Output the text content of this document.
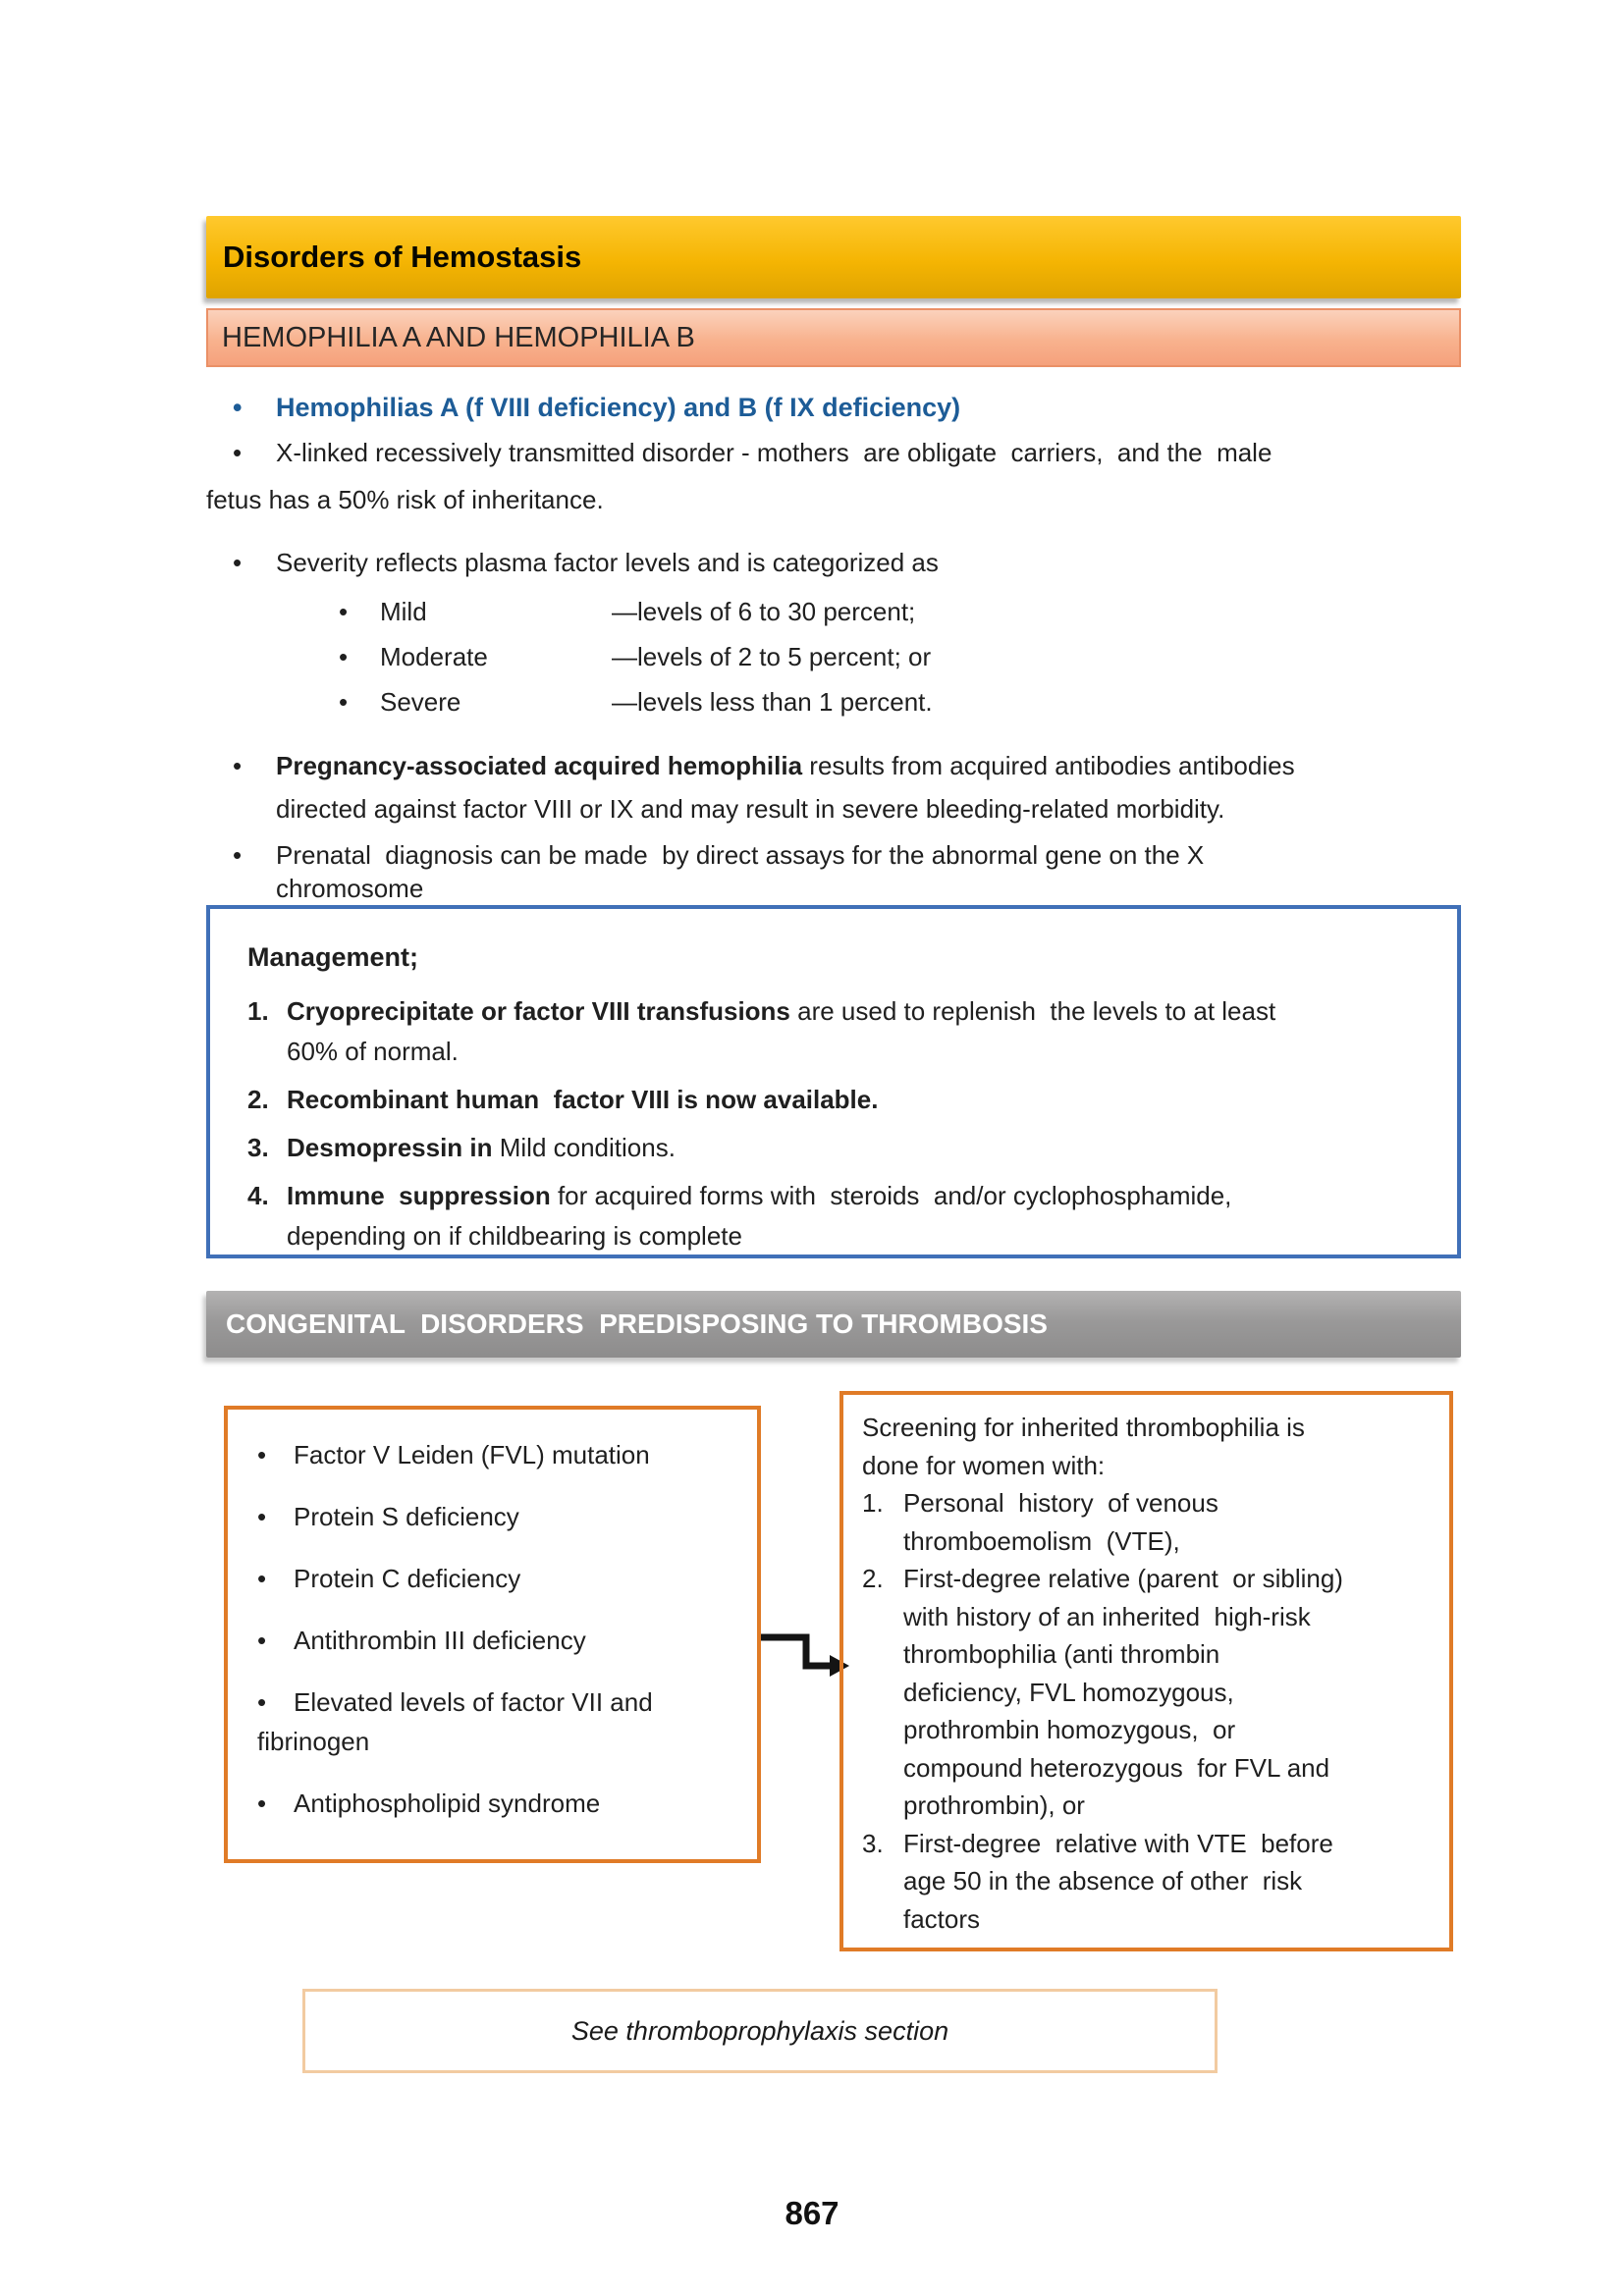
Disorders of Hemostasis
HEMOPHILIA A AND HEMOPHILIA B
•
Hemophilias A (f VIII deficiency) and B (f IX deficiency)
•
X-linked recessively transmitted disorder - mothers  are obligate  carriers,  and the  male
fetus has a 50% risk of inheritance.
•
Severity reflects plasma factor levels and is categorized as
•
Mild	—levels of 6 to 30 percent;
•
Moderate	—levels of 2 to 5 percent; or
•
Severe	—levels less than 1 percent.
•
Pregnancy-associated acquired hemophilia results from acquired antibodies antibodies
directed against factor VIII or IX and may result in severe bleeding-related morbidity.
•
Prenatal  diagnosis can be made  by direct assays for the abnormal gene on the X
chromosome
Management;
1. Cryoprecipitate or factor VIII transfusions are used to replenish  the levels to at least
60% of normal.
2. Recombinant human  factor VIII is now available.
3. Desmopressin in Mild conditions.
4. Immune  suppression for acquired forms with  steroids  and/or cyclophosphamide,
depending on if childbearing is complete
CONGENITAL  DISORDERS  PREDISPOSING TO THROMBOSIS
•
Factor V Leiden (FVL) mutation
•
Protein S deficiency
•
Protein C deficiency
•
Antithrombin III deficiency
•
Elevated levels of factor VII and
fibrinogen
•
Antiphospholipid syndrome
Screening for inherited thrombophilia is
done for women with:
1. Personal  history  of venous
thromboemolism  (VTE),
2. First-degree relative (parent  or sibling)
with history of an inherited  high-risk
thrombophilia (anti thrombin
deficiency, FVL homozygous,
prothrombin homozygous,  or
compound heterozygous  for FVL and
prothrombin), or
3. First-degree  relative with VTE  before
age 50 in the absence of other  risk
factors
See thromboprophylaxis section
867
